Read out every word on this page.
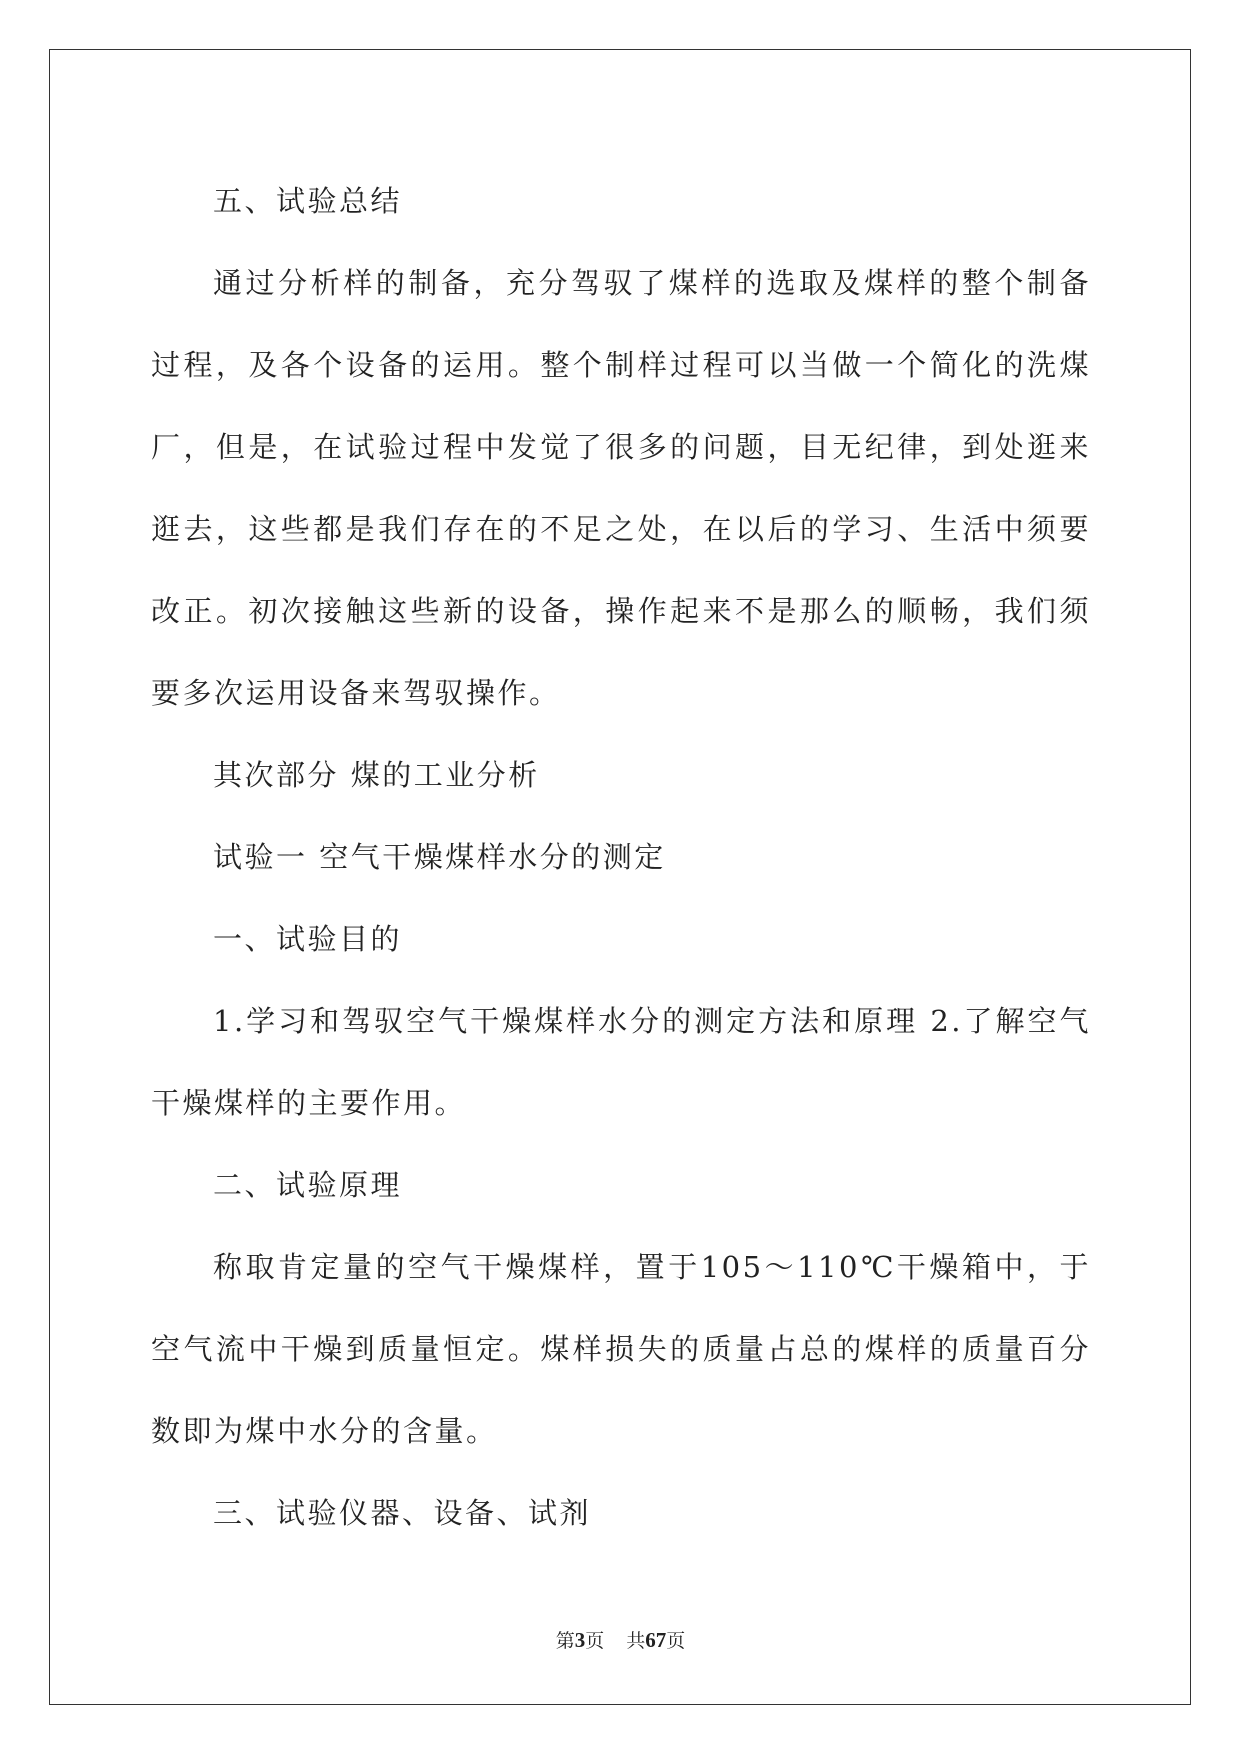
五、试验总结

通过分析样的制备，充分驾驭了煤样的选取及煤样的整个制备过程，及各个设备的运用。整个制样过程可以当做一个简化的洗煤厂，但是，在试验过程中发觉了很多的问题，目无纪律，到处逛来逛去，这些都是我们存在的不足之处，在以后的学习、生活中须要改正。初次接触这些新的设备，操作起来不是那么的顺畅，我们须要多次运用设备来驾驭操作。

其次部分 煤的工业分析

试验一 空气干燥煤样水分的测定

一、试验目的

1.学习和驾驭空气干燥煤样水分的测定方法和原理 2.了解空气干燥煤样的主要作用。

二、试验原理

称取肯定量的空气干燥煤样，置于105～110℃干燥箱中，于空气流中干燥到质量恒定。煤样损失的质量占总的煤样的质量百分数即为煤中水分的含量。

三、试验仪器、设备、试剂

第3页 共67页
